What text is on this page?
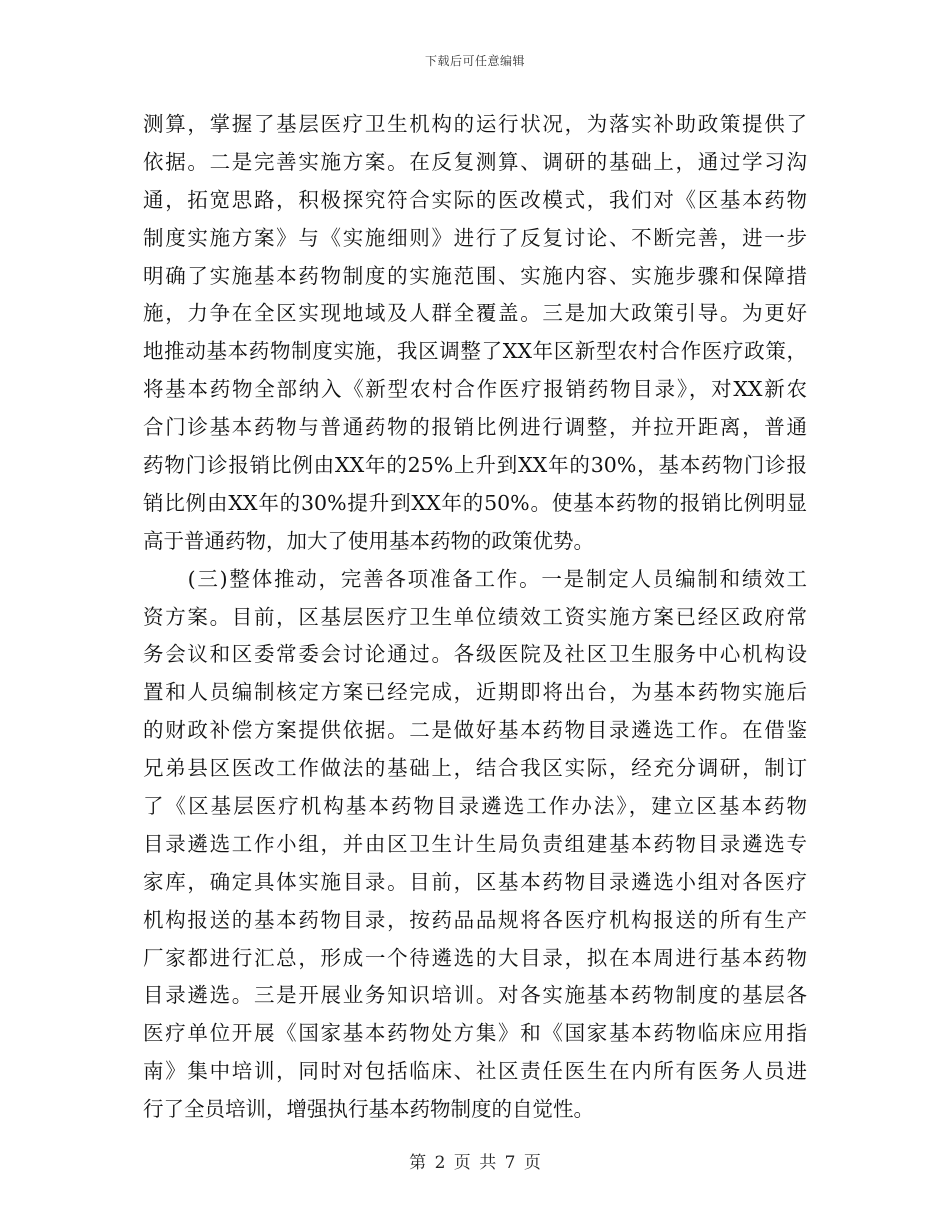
下载后可任意编辑
测算，掌握了基层医疗卫生机构的运行状况，为落实补助政策提供了
依据。二是完善实施方案。在反复测算、调研的基础上，通过学习沟
通，拓宽思路，积极探究符合实际的医改模式，我们对《区基本药物
制度实施方案》与《实施细则》进行了反复讨论、不断完善，进一步
明确了实施基本药物制度的实施范围、实施内容、实施步骤和保障措
施，力争在全区实现地域及人群全覆盖。三是加大政策引导。为更好
地推动基本药物制度实施，我区调整了XX年区新型农村合作医疗政策，
将基本药物全部纳入《新型农村合作医疗报销药物目录》，对XX新农
合门诊基本药物与普通药物的报销比例进行调整，并拉开距离，普通
药物门诊报销比例由XX年的25%上升到XX年的30%，基本药物门诊报
销比例由XX年的30%提升到XX年的50%。使基本药物的报销比例明显
高于普通药物，加大了使用基本药物的政策优势。
　　(三)整体推动，完善各项准备工作。一是制定人员编制和绩效工
资方案。目前，区基层医疗卫生单位绩效工资实施方案已经区政府常
务会议和区委常委会讨论通过。各级医院及社区卫生服务中心机构设
置和人员编制核定方案已经完成，近期即将出台，为基本药物实施后
的财政补偿方案提供依据。二是做好基本药物目录遴选工作。在借鉴
兄弟县区医改工作做法的基础上，结合我区实际，经充分调研，制订
了《区基层医疗机构基本药物目录遴选工作办法》，建立区基本药物
目录遴选工作小组，并由区卫生计生局负责组建基本药物目录遴选专
家库，确定具体实施目录。目前，区基本药物目录遴选小组对各医疗
机构报送的基本药物目录，按药品品规将各医疗机构报送的所有生产
厂家都进行汇总，形成一个待遴选的大目录，拟在本周进行基本药物
目录遴选。三是开展业务知识培训。对各实施基本药物制度的基层各
医疗单位开展《国家基本药物处方集》和《国家基本药物临床应用指
南》集中培训，同时对包括临床、社区责任医生在内所有医务人员进
行了全员培训，增强执行基本药物制度的自觉性。
第 2 页 共 7 页
